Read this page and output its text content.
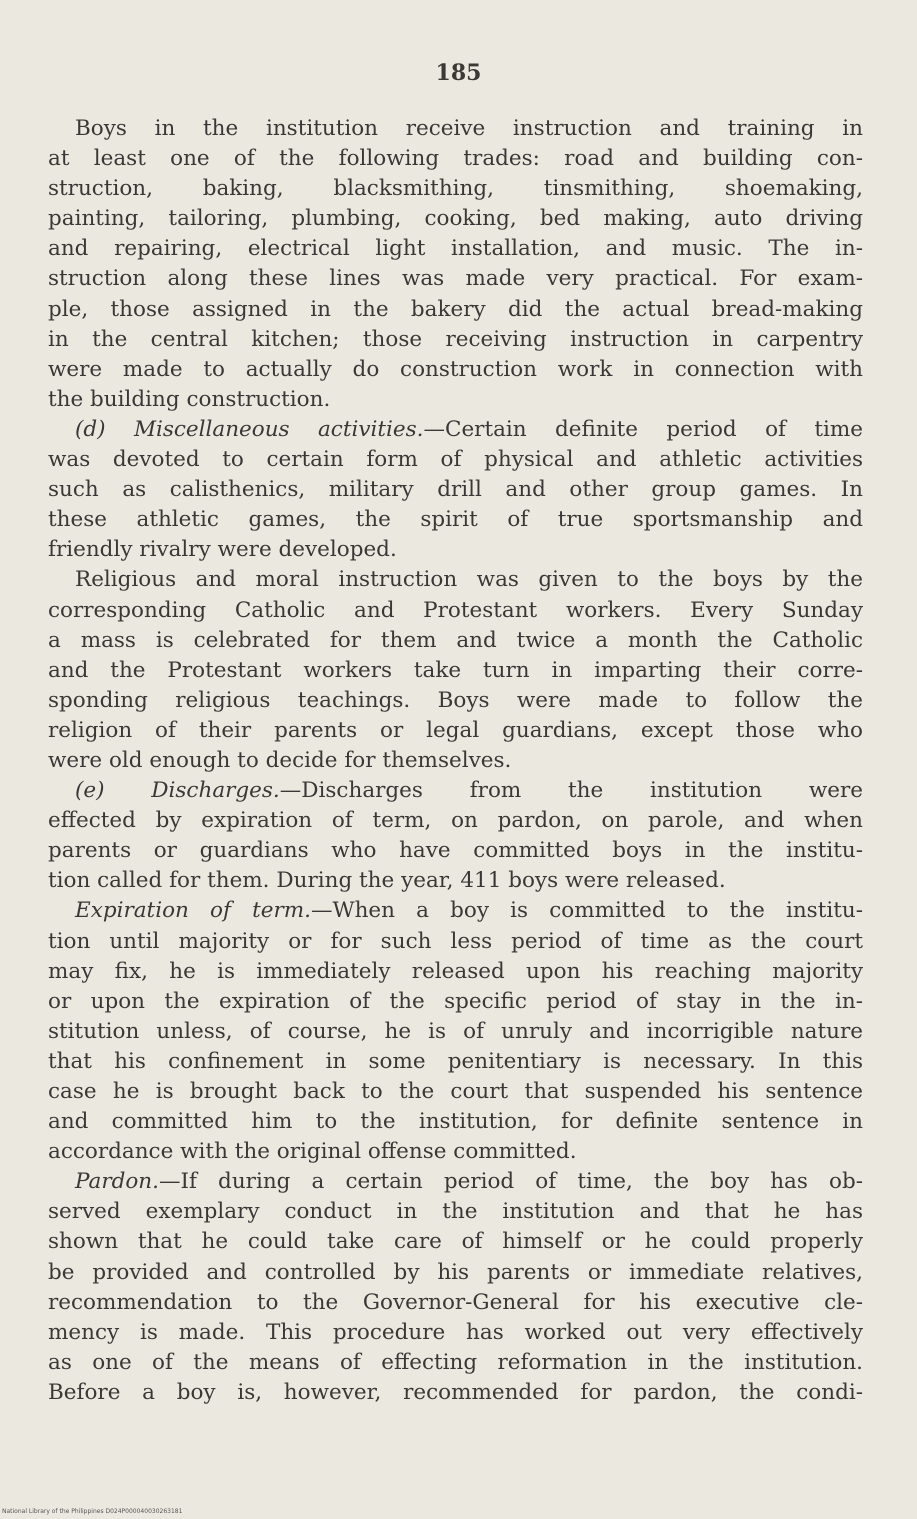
185
Boys in the institution receive instruction and training in
at least one of the following trades: road and building con-
struction, baking, blacksmithing, tinsmithing, shoemaking,
painting, tailoring, plumbing, cooking, bed making, auto driving
and repairing, electrical light installation, and music. The in-
struction along these lines was made very practical. For exam-
ple, those assigned in the bakery did the actual bread-making
in the central kitchen; those receiving instruction in carpentry
were made to actually do construction work in connection with
the building construction.
(d) Miscellaneous activities.—Certain definite period of time
was devoted to certain form of physical and athletic activities
such as calisthenics, military drill and other group games. In
these athletic games, the spirit of true sportsmanship and
friendly rivalry were developed.
Religious and moral instruction was given to the boys by the
corresponding Catholic and Protestant workers. Every Sunday
a mass is celebrated for them and twice a month the Catholic
and the Protestant workers take turn in imparting their corre-
sponding religious teachings. Boys were made to follow the
religion of their parents or legal guardians, except those who
were old enough to decide for themselves.
(e) Discharges.—Discharges from the institution were
effected by expiration of term, on pardon, on parole, and when
parents or guardians who have committed boys in the institu-
tion called for them. During the year, 411 boys were released.
Expiration of term.—When a boy is committed to the institu-
tion until majority or for such less period of time as the court
may fix, he is immediately released upon his reaching majority
or upon the expiration of the specific period of stay in the in-
stitution unless, of course, he is of unruly and incorrigible nature
that his confinement in some penitentiary is necessary. In this
case he is brought back to the court that suspended his sentence
and committed him to the institution, for definite sentence in
accordance with the original offense committed.
Pardon.—If during a certain period of time, the boy has ob-
served exemplary conduct in the institution and that he has
shown that he could take care of himself or he could properly
be provided and controlled by his parents or immediate relatives,
recommendation to the Governor-General for his executive cle-
mency is made. This procedure has worked out very effectively
as one of the means of effecting reformation in the institution.
Before a boy is, however, recommended for pardon, the condi-
National Library of the Philippines D024P000040030263181
